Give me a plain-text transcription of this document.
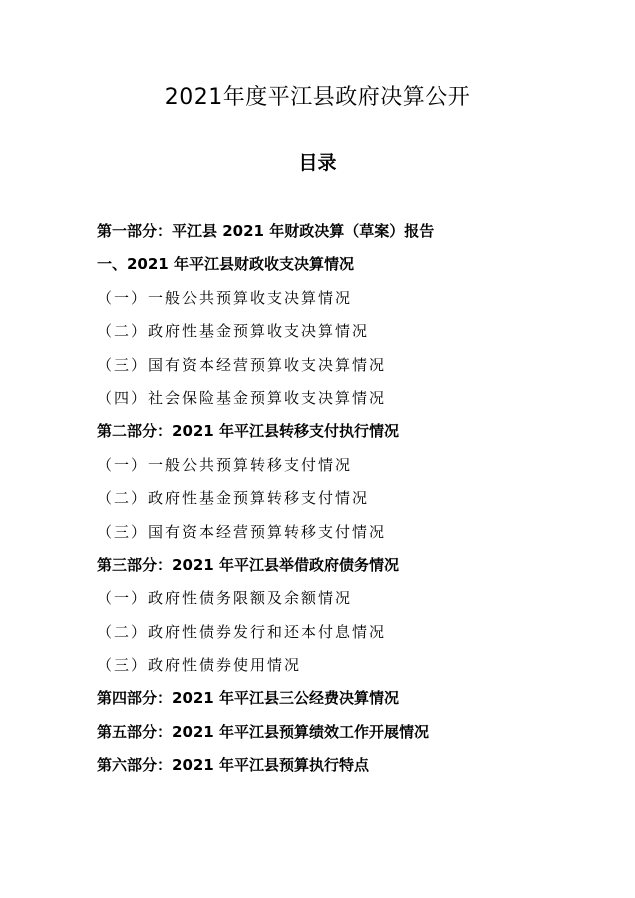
2021年度平江县政府决算公开
目录
第一部分：平江县 2021 年财政决算（草案）报告
一、2021 年平江县财政收支决算情况
（一）一般公共预算收支决算情况
（二）政府性基金预算收支决算情况
（三）国有资本经营预算收支决算情况
（四）社会保险基金预算收支决算情况
第二部分：2021 年平江县转移支付执行情况
（一）一般公共预算转移支付情况
（二）政府性基金预算转移支付情况
（三）国有资本经营预算转移支付情况
第三部分：2021 年平江县举借政府债务情况
（一）政府性债务限额及余额情况
（二）政府性债券发行和还本付息情况
（三）政府性债券使用情况
第四部分：2021 年平江县三公经费决算情况
第五部分：2021 年平江县预算绩效工作开展情况
第六部分：2021 年平江县预算执行特点
